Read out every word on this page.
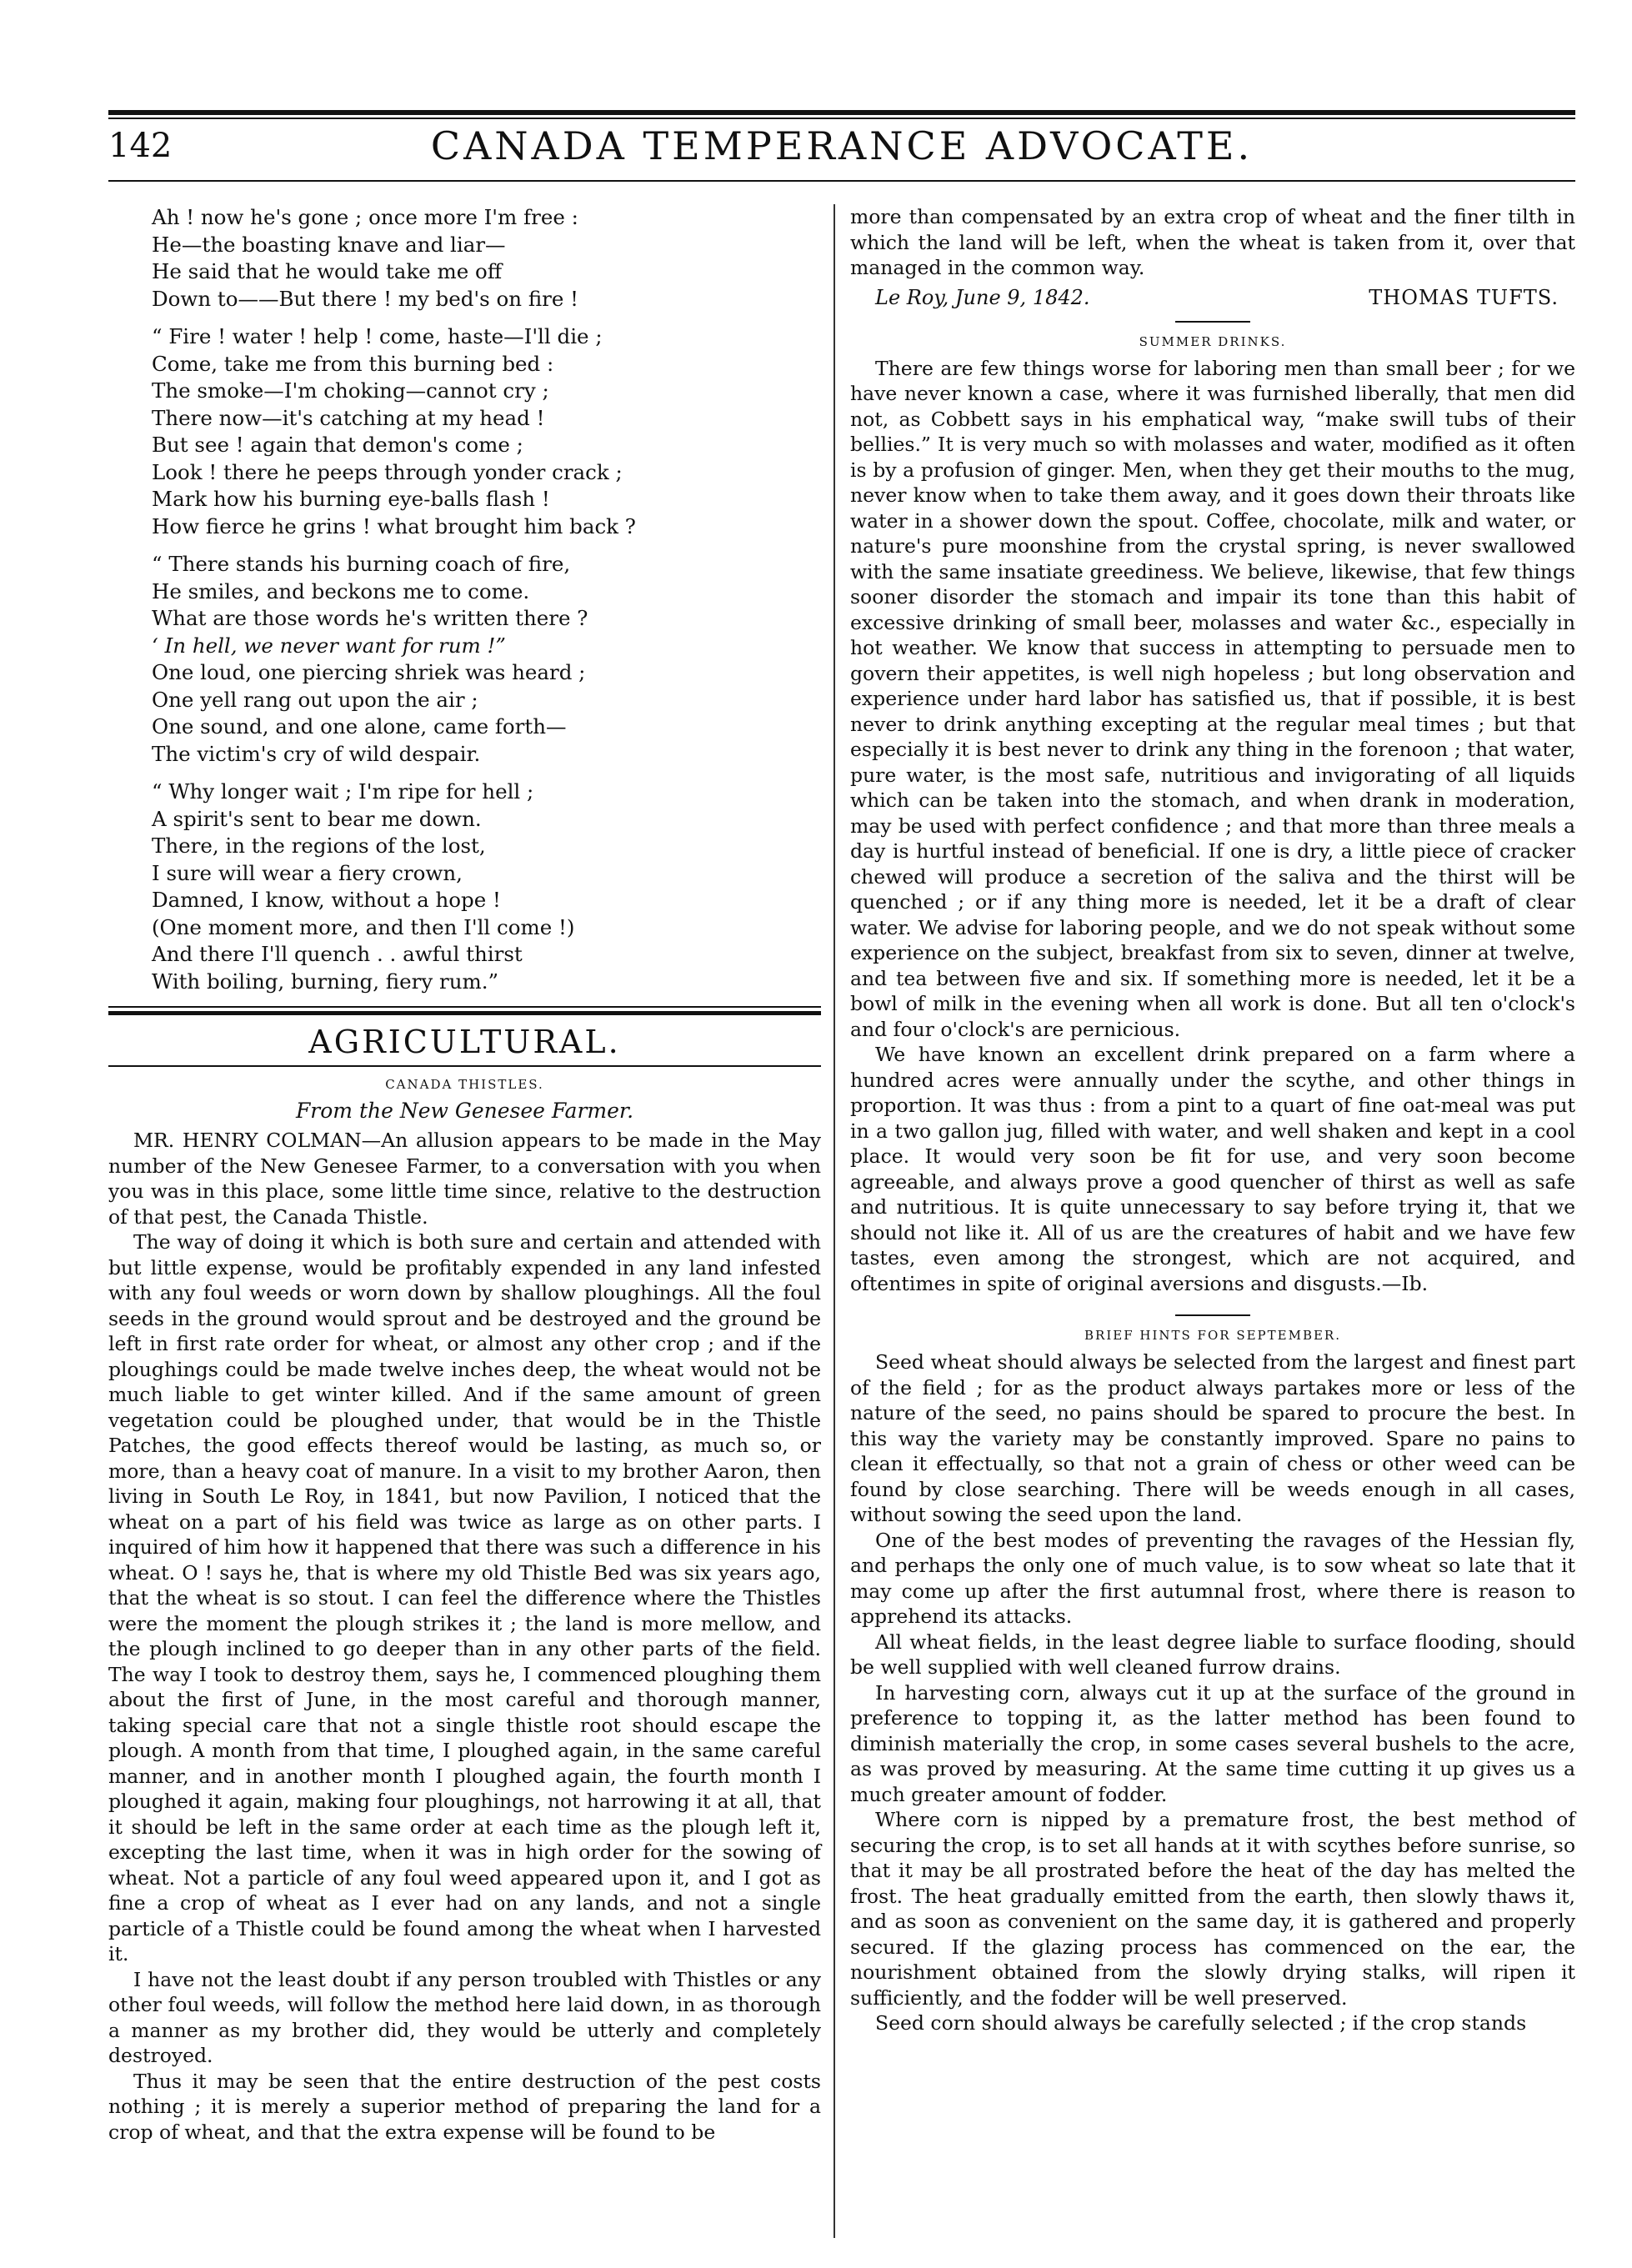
142	CANADA TEMPERANCE ADVOCATE.
Ah ! now he's gone ; once more I'm free :
He—the boasting knave and liar—
He said that he would take me off
Down to——But there ! my bed's on fire !
“ Fire ! water ! help ! come, haste—I'll die ;
Come, take me from this burning bed :
The smoke—I'm choking—cannot cry ;
There now—it's catching at my head !
But see ! again that demon's come ;
Look ! there he peeps through yonder crack ;
Mark how his burning eye-balls flash !
How fierce he grins ! what brought him back ?
“ There stands his burning coach of fire,
He smiles, and beckons me to come.
What are those words he's written there ?
‘ In hell, we never want for rum !”
One loud, one piercing shriek was heard ;
One yell rang out upon the air ;
One sound, and one alone, came forth—
The victim's cry of wild despair.
“ Why longer wait ; I'm ripe for hell ;
A spirit's sent to bear me down.
There, in the regions of the lost,
I sure will wear a fiery crown,
Damned, I know, without a hope !
(One moment more, and then I'll come !)
And there I'll quench . . awful thirst
With boiling, burning, fiery rum.”
AGRICULTURAL.
CANADA THISTLES.
From the New Genesee Farmer.

MR. HENRY COLMAN—An allusion appears to be made in the May number of the New Genesee Farmer, to a conversation with you when you was in this place, some little time since, relative to the destruction of that pest, the Canada Thistle.

The way of doing it which is both sure and certain and attended with but little expense, would be profitably expended in any land infested with any foul weeds or worn down by shallow ploughings. All the foul seeds in the ground would sprout and be destroyed and the ground be left in first rate order for wheat, or almost any other crop ; and if the ploughings could be made twelve inches deep, the wheat would not be much liable to get winter killed. And if the same amount of green vegetation could be ploughed under, that would be in the Thistle Patches, the good effects thereof would be lasting, as much so, or more, than a heavy coat of manure. In a visit to my brother Aaron, then living in South Le Roy, in 1841, but now Pavilion, I noticed that the wheat on a part of his field was twice as large as on other parts. I inquired of him how it happened that there was such a difference in his wheat. O ! says he, that is where my old Thistle Bed was six years ago, that the wheat is so stout. I can feel the difference where the Thistles were the moment the plough strikes it ; the land is more mellow, and the plough inclined to go deeper than in any other parts of the field. The way I took to destroy them, says he, I commenced ploughing them about the first of June, in the most careful and thorough manner, taking special care that not a single thistle root should escape the plough. A month from that time, I ploughed again, in the same careful manner, and in another month I ploughed again, the fourth month I ploughed it again, making four ploughings, not harrowing it at all, that it should be left in the same order at each time as the plough left it, excepting the last time, when it was in high order for the sowing of wheat. Not a particle of any foul weed appeared upon it, and I got as fine a crop of wheat as I ever had on any lands, and not a single particle of a Thistle could be found among the wheat when I harvested it.

I have not the least doubt if any person troubled with Thistles or any other foul weeds, will follow the method here laid down, in as thorough a manner as my brother did, they would be utterly and completely destroyed.

Thus it may be seen that the entire destruction of the pest costs nothing ; it is merely a superior method of preparing the land for a crop of wheat, and that the extra expense will be found to be

more than compensated by an extra crop of wheat and the finer tilth in which the land will be left, when the wheat is taken from it, over that managed in the common way.

Le Roy, June 9, 1842.	THOMAS TUFTS.
SUMMER DRINKS.

There are few things worse for laboring men than small beer ; for we have never known a case, where it was furnished liberally, that men did not, as Cobbett says in his emphatical way, “make swill tubs of their bellies.” It is very much so with molasses and water, modified as it often is by a profusion of ginger. Men, when they get their mouths to the mug, never know when to take them away, and it goes down their throats like water in a shower down the spout. Coffee, chocolate, milk and water, or nature's pure moonshine from the crystal spring, is never swallowed with the same insatiate greediness. We believe, likewise, that few things sooner disorder the stomach and impair its tone than this habit of excessive drinking of small beer, molasses and water &c., especially in hot weather. We know that success in attempting to persuade men to govern their appetites, is well nigh hopeless ; but long observation and experience under hard labor has satisfied us, that if possible, it is best never to drink anything excepting at the regular meal times ; but that especially it is best never to drink any thing in the forenoon ; that water, pure water, is the most safe, nutritious and invigorating of all liquids which can be taken into the stomach, and when drank in moderation, may be used with perfect confidence ; and that more than three meals a day is hurtful instead of beneficial. If one is dry, a little piece of cracker chewed will produce a secretion of the saliva and the thirst will be quenched ; or if any thing more is needed, let it be a draft of clear water. We advise for laboring people, and we do not speak without some experience on the subject, breakfast from six to seven, dinner at twelve, and tea between five and six. If something more is needed, let it be a bowl of milk in the evening when all work is done. But all ten o'clock's and four o'clock's are pernicious.

We have known an excellent drink prepared on a farm where a hundred acres were annually under the scythe, and other things in proportion. It was thus : from a pint to a quart of fine oat-meal was put in a two gallon jug, filled with water, and well shaken and kept in a cool place. It would very soon be fit for use, and very soon become agreeable, and always prove a good quencher of thirst as well as safe and nutritious. It is quite unnecessary to say before trying it, that we should not like it. All of us are the creatures of habit and we have few tastes, even among the strongest, which are not acquired, and oftentimes in spite of original aversions and disgusts.—Ib.

BRIEF HINTS FOR SEPTEMBER.

Seed wheat should always be selected from the largest and finest part of the field ; for as the product always partakes more or less of the nature of the seed, no pains should be spared to procure the best. In this way the variety may be constantly improved. Spare no pains to clean it effectually, so that not a grain of chess or other weed can be found by close searching. There will be weeds enough in all cases, without sowing the seed upon the land.

One of the best modes of preventing the ravages of the Hessian fly, and perhaps the only one of much value, is to sow wheat so late that it may come up after the first autumnal frost, where there is reason to apprehend its attacks.

All wheat fields, in the least degree liable to surface flooding, should be well supplied with well cleaned furrow drains.

In harvesting corn, always cut it up at the surface of the ground in preference to topping it, as the latter method has been found to diminish materially the crop, in some cases several bushels to the acre, as was proved by measuring. At the same time cutting it up gives us a much greater amount of fodder.

Where corn is nipped by a premature frost, the best method of securing the crop, is to set all hands at it with scythes before sunrise, so that it may be all prostrated before the heat of the day has melted the frost. The heat gradually emitted from the earth, then slowly thaws it, and as soon as convenient on the same day, it is gathered and properly secured. If the glazing process has commenced on the ear, the nourishment obtained from the slowly drying stalks, will ripen it sufficiently, and the fodder will be well preserved.

Seed corn should always be carefully selected ; if the crop stands
